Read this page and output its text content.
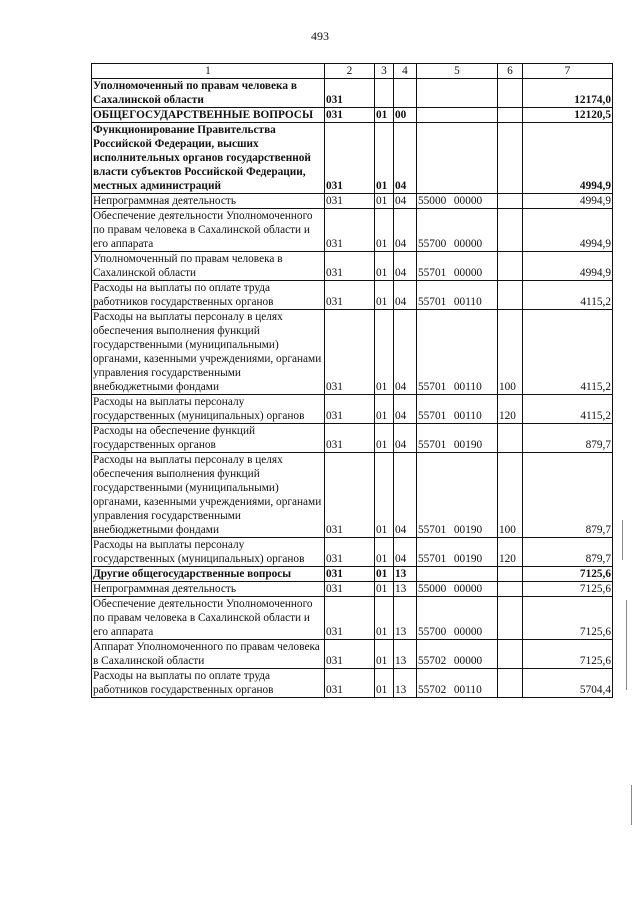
493
1	2	3	4	5	6	7
Уполномоченный по правам человека в Сахалинской области	031					12174,0
ОБЩЕГОСУДАРСТВЕННЫЕ ВОПРОСЫ	031	01	00			12120,5
Функционирование Правительства Российской Федерации, высших исполнительных органов государственной власти субъектов Российской Федерации, местных администраций	031	01	04			4994,9
Непрограммная деятельность	031	01	04	55000  00000		4994,9
Обеспечение деятельности Уполномоченного по правам человека в Сахалинской области и его аппарата	031	01	04	55700  00000		4994,9
Уполномоченный по правам человека в Сахалинской области	031	01	04	55701  00000		4994,9
Расходы на выплаты по оплате труда работников государственных органов	031	01	04	55701  00110		4115,2
Расходы на выплаты персоналу в целях обеспечения выполнения функций государственными (муниципальными) органами, казенными учреждениями, органами управления государственными внебюджетными фондами	031	01	04	55701  00110	100	4115,2
Расходы на выплаты персоналу государственных (муниципальных) органов	031	01	04	55701  00110	120	4115,2
Расходы на обеспечение функций государственных органов	031	01	04	55701  00190		879,7
Расходы на выплаты персоналу в целях обеспечения выполнения функций государственными (муниципальными) органами, казенными учреждениями, органами управления государственными внебюджетными фондами	031	01	04	55701  00190	100	879,7
Расходы на выплаты персоналу государственных (муниципальных) органов	031	01	04	55701  00190	120	879,7
Другие общегосударственные вопросы	031	01	13			7125,6
Непрограммная деятельность	031	01	13	55000  00000		7125,6
Обеспечение деятельности Уполномоченного по правам человека в Сахалинской области и его аппарата	031	01	13	55700  00000		7125,6
Аппарат Уполномоченного по правам человека в Сахалинской области	031	01	13	55702  00000		7125,6
Расходы на выплаты по оплате труда работников государственных органов	031	01	13	55702  00110		5704,4
